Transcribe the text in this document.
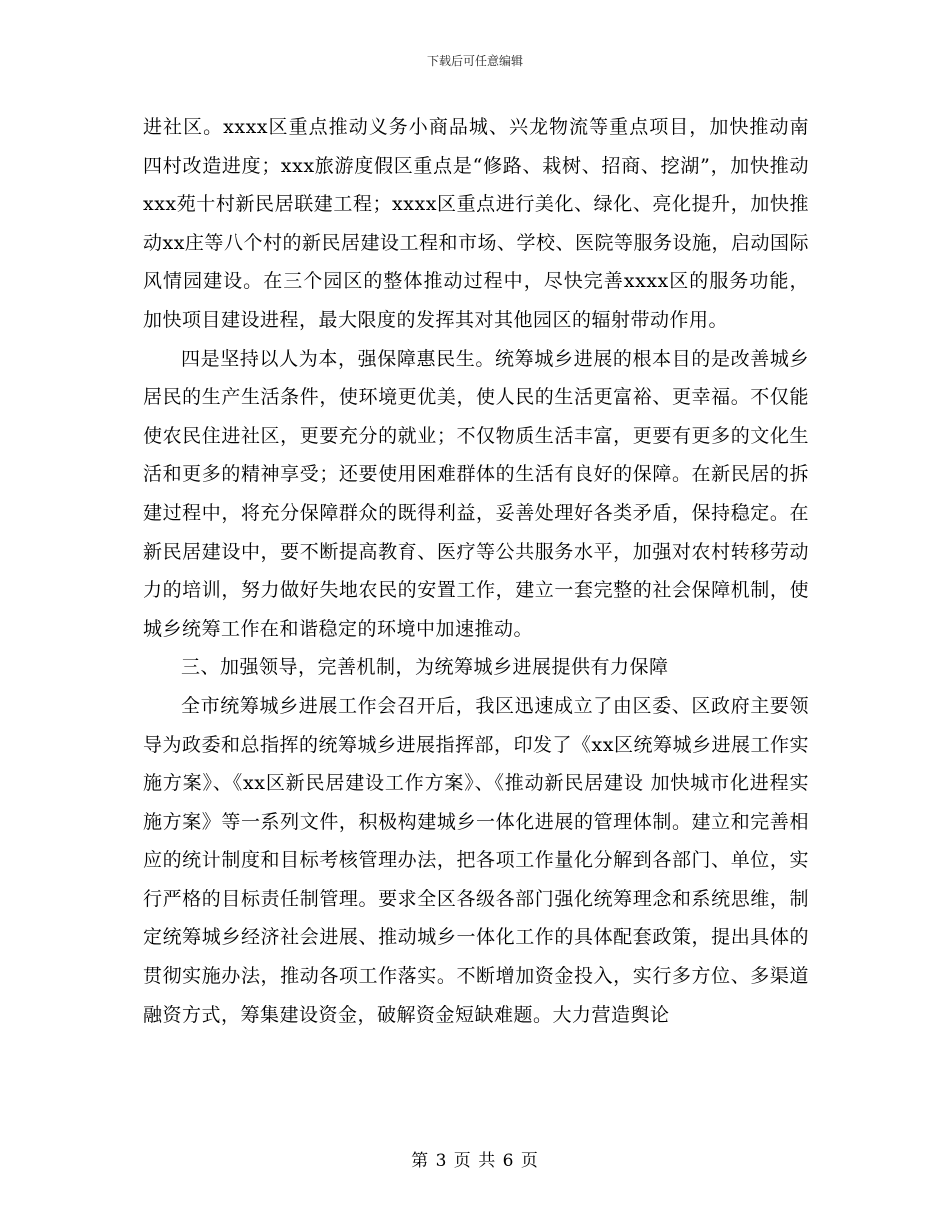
下载后可任意编辑

进社区。xxxx区重点推动义务小商品城、兴龙物流等重点项目，加快推动南四村改造进度；xxx旅游度假区重点是“修路、栽树、招商、挖湖”，加快推动xxx苑十村新民居联建工程；xxxx区重点进行美化、绿化、亮化提升，加快推动xx庄等八个村的新民居建设工程和市场、学校、医院等服务设施，启动国际风情园建设。在三个园区的整体推动过程中，尽快完善xxxx区的服务功能，加快项目建设进程，最大限度的发挥其对其他园区的辐射带动作用。

四是坚持以人为本，强保障惠民生。统筹城乡进展的根本目的是改善城乡居民的生产生活条件，使环境更优美，使人民的生活更富裕、更幸福。不仅能使农民住进社区，更要充分的就业；不仅物质生活丰富，更要有更多的文化生活和更多的精神享受；还要使用困难群体的生活有良好的保障。在新民居的拆建过程中，将充分保障群众的既得利益，妥善处理好各类矛盾，保持稳定。在新民居建设中，要不断提高教育、医疗等公共服务水平，加强对农村转移劳动力的培训，努力做好失地农民的安置工作，建立一套完整的社会保障机制，使城乡统筹工作在和谐稳定的环境中加速推动。

三、加强领导，完善机制，为统筹城乡进展提供有力保障

全市统筹城乡进展工作会召开后，我区迅速成立了由区委、区政府主要领导为政委和总指挥的统筹城乡进展指挥部，印发了《xx区统筹城乡进展工作实施方案》、《xx区新民居建设工作方案》、《推动新民居建设 加快城市化进程实施方案》等一系列文件，积极构建城乡一体化进展的管理体制。建立和完善相应的统计制度和目标考核管理办法，把各项工作量化分解到各部门、单位，实行严格的目标责任制管理。要求全区各级各部门强化统筹理念和系统思维，制定统筹城乡经济社会进展、推动城乡一体化工作的具体配套政策，提出具体的贯彻实施办法，推动各项工作落实。不断增加资金投入，实行多方位、多渠道融资方式，筹集建设资金，破解资金短缺难题。大力营造舆论

第 3 页 共 6 页
